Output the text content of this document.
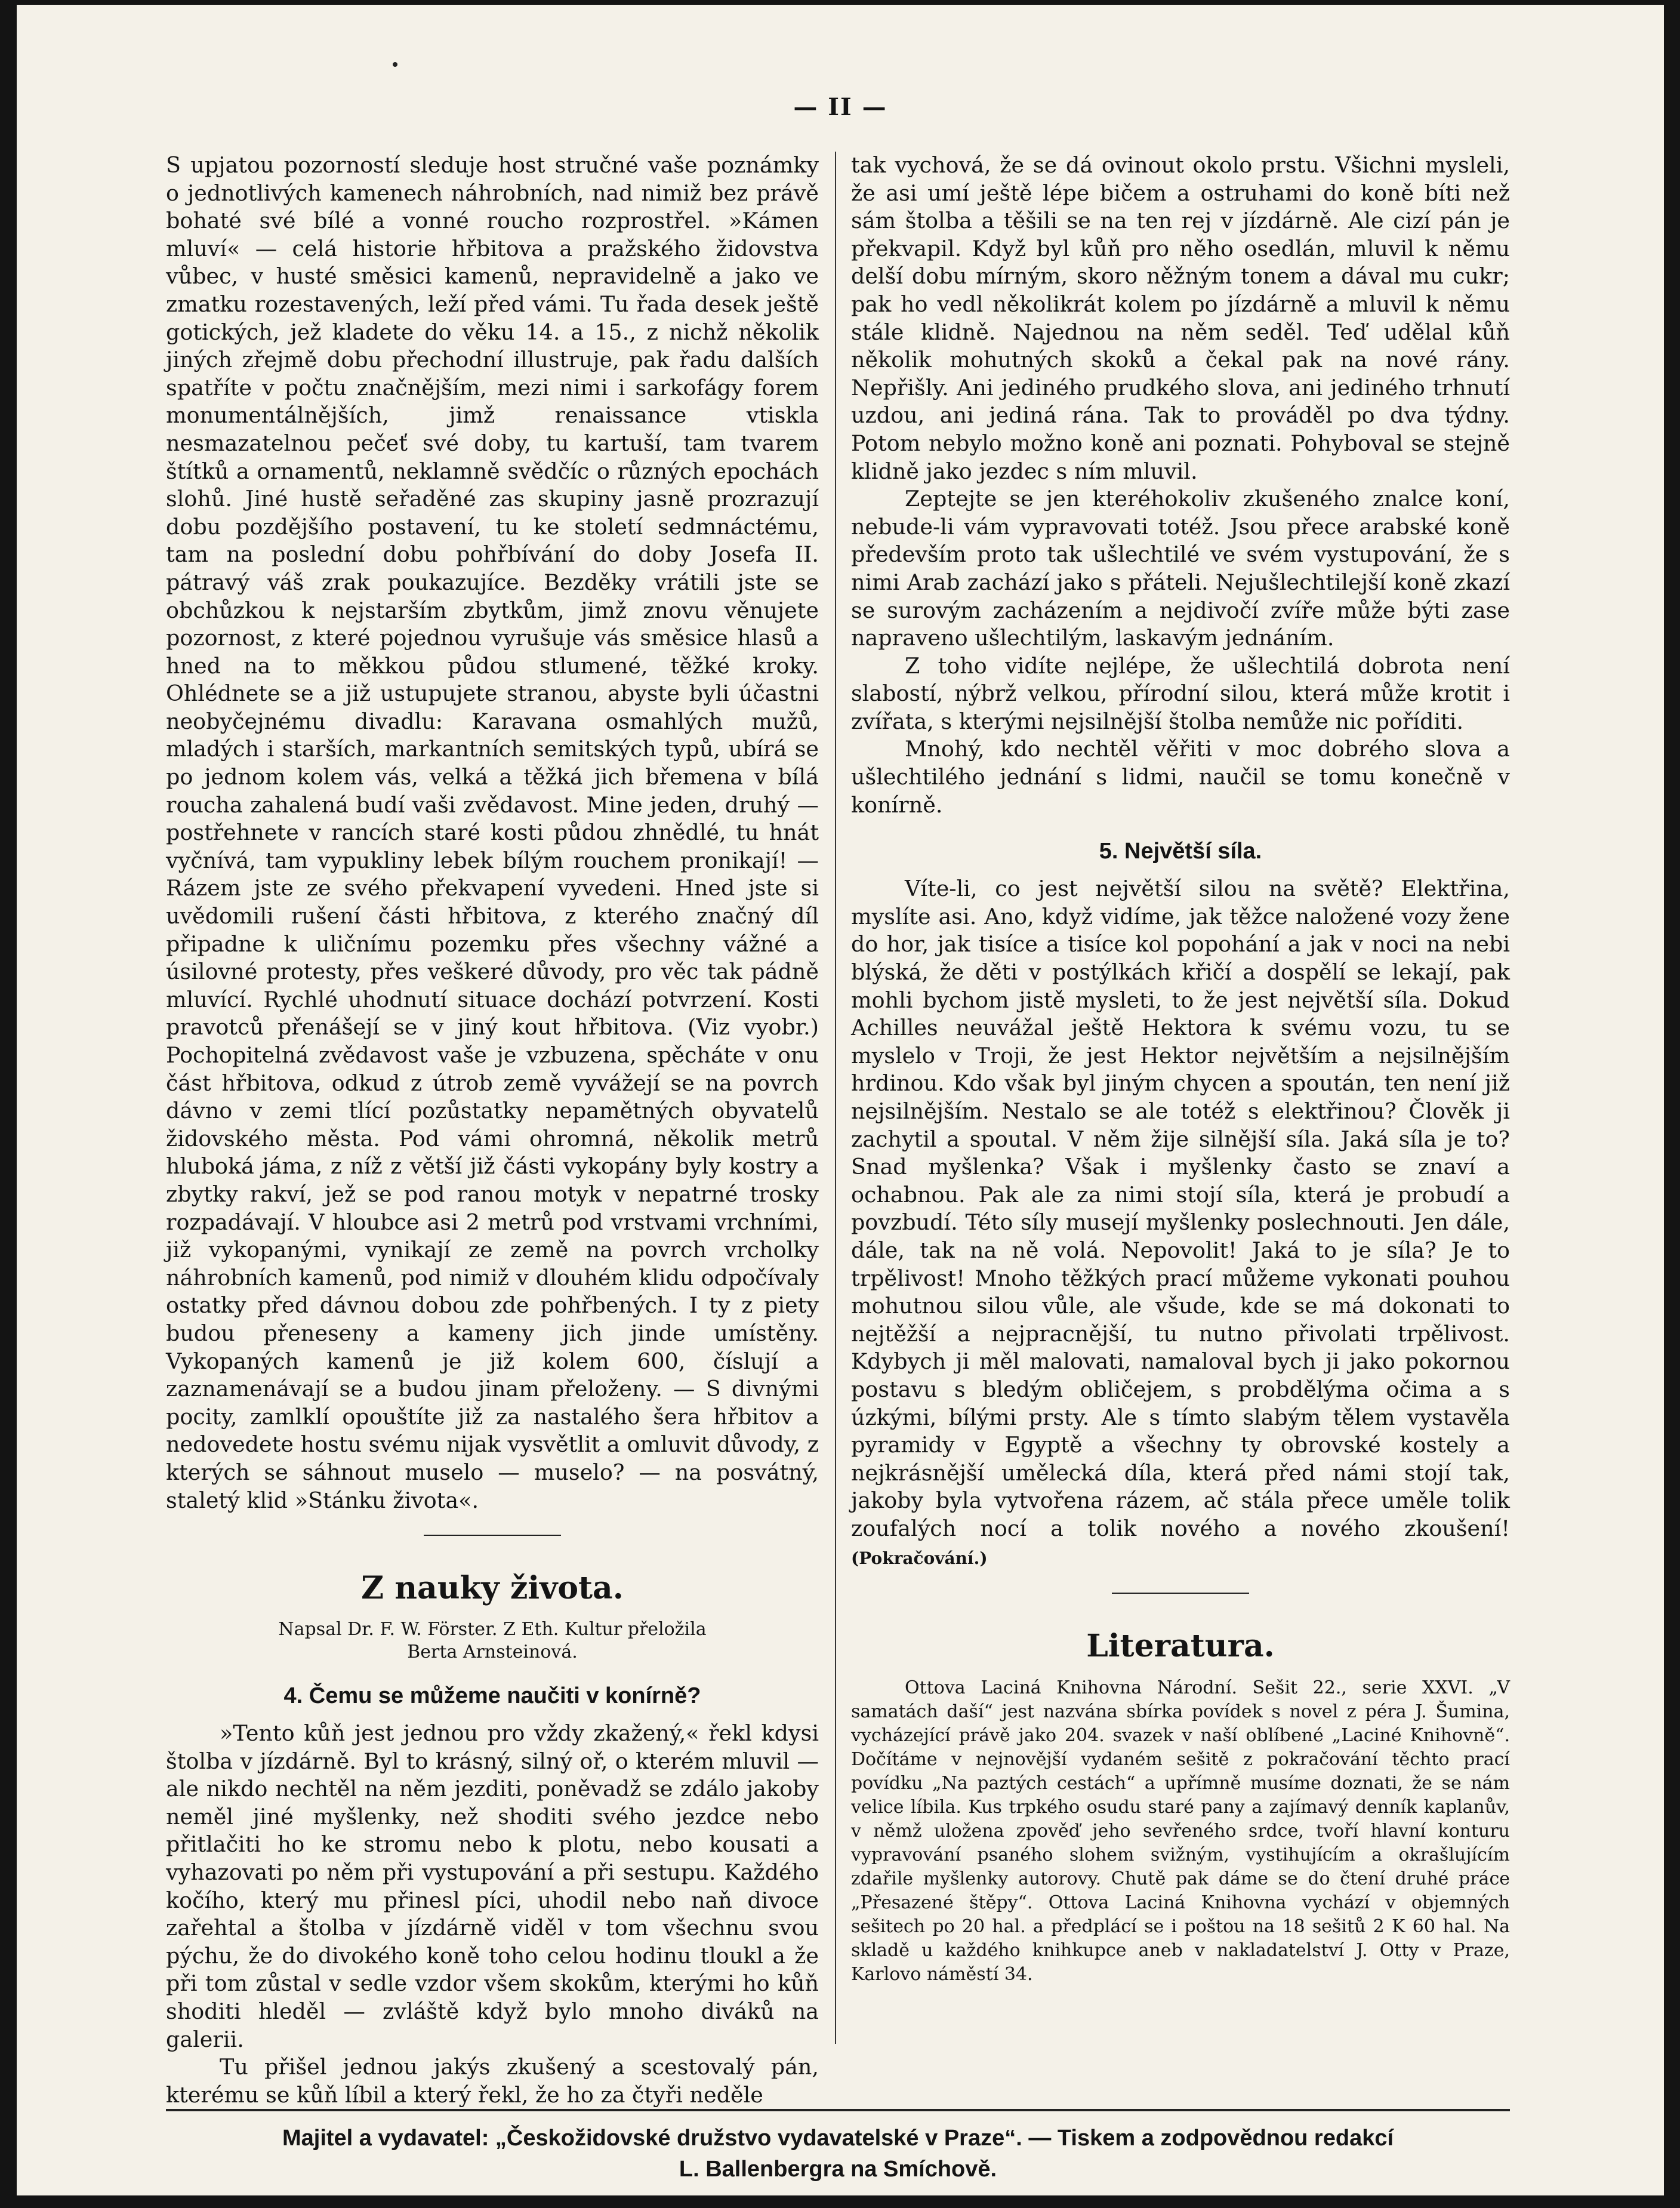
— II —

S upjatou pozorností sleduje host stručné vaše poznámky o jednotlivých kamenech náhrobních, nad nimiž bez právě bohaté své bílé a vonné roucho rozprostřel. »Kámen mluví« — celá historie hřbitova a pražského židovstva vůbec, v husté směsici kamenů, nepravidelně a jako ve zmatku rozestavených, leží před vámi. Tu řada desek ještě gotických, jež kladete do věku 14. a 15., z nichž několik jiných zřejmě dobu přechodní illustruje, pak řadu dalších spatříte v počtu značnějším, mezi nimi i sarkofágy forem monumentálnějších, jimž renaissance vtiskla nesmazatelnou pečeť své doby, tu kartuší, tam tvarem štítků a ornamentů, neklamně svědčíc o různých epochách slohů. Jiné hustě seřaděné zas skupiny jasně prozrazují dobu pozdějšího postavení, tu ke století sedmnáctému, tam na poslední dobu pohřbívání do doby Josefa II. pátravý váš zrak poukazujíce. Bezděky vrátili jste se obchůzkou k nejstarším zbytkům, jimž znovu věnujete pozornost, z které pojednou vyrušuje vás směsice hlasů a hned na to měkkou půdou stlumené, těžké kroky. Ohlédnete se a již ustupujete stranou, abyste byli účastni neobyčejnému divadlu: Karavana osmahlých mužů, mladých i starších, markantních semitských typů, ubírá se po jednom kolem vás, velká a těžká jich břemena v bílá roucha zahalená budí vaši zvědavost. Mine jeden, druhý — postřehnete v rancích staré kosti půdou zhnědlé, tu hnát vyčnívá, tam vypukliny lebek bílým rouchem pronikají! — Rázem jste ze svého překvapení vyvedeni. Hned jste si uvědomili rušení části hřbitova, z kterého značný díl připadne k uličnímu pozemku přes všechny vážné a úsilovné protesty, přes veškeré důvody, pro věc tak pádně mluvící. Rychlé uhodnutí situace dochází potvrzení. Kosti pravotců přenášejí se v jiný kout hřbitova. (Viz vyobr.) Pochopitelná zvědavost vaše je vzbuzena, spěcháte v onu část hřbitova, odkud z útrob země vyvážejí se na povrch dávno v zemi tlící pozůstatky nepamětných obyvatelů židovského města. Pod vámi ohromná, několik metrů hluboká jáma, z níž z větší již části vykopány byly kostry a zbytky rakví, jež se pod ranou motyk v nepatrné trosky rozpadávají. V hloubce asi 2 metrů pod vrstvami vrchními, již vykopanými, vynikají ze země na povrch vrcholky náhrobních kamenů, pod nimiž v dlouhém klidu odpočívaly ostatky před dávnou dobou zde pohřbených. I ty z piety budou přeneseny a kameny jich jinde umístěny. Vykopaných kamenů je již kolem 600, číslují a zaznamenávají se a budou jinam přeloženy. — S divnými pocity, zamlklí opouštíte již za nastalého šera hřbitov a nedovedete hostu svému nijak vysvětlit a omluvit důvody, z kterých se sáhnout muselo — muselo? — na posvátný, staletý klid »Stánku života«.

Z nauky života.
Napsal Dr. F. W. Förster. Z Eth. Kultur přeložila
Berta Arnsteinová.
4. Čemu se můžeme naučiti v konírně?

»Tento kůň jest jednou pro vždy zkažený,« řekl kdysi štolba v jízdárně. Byl to krásný, silný oř, o kterém mluvil — ale nikdo nechtěl na něm jezditi, poněvadž se zdálo jakoby neměl jiné myšlenky, než shoditi svého jezdce nebo přitlačiti ho ke stromu nebo k plotu, nebo kousati a vyhazovati po něm při vystupování a při sestupu. Každého kočího, který mu přinesl píci, uhodil nebo naň divoce zařehtal a štolba v jízdárně viděl v tom všechnu svou pýchu, že do divokého koně toho celou hodinu tloukl a že při tom zůstal v sedle vzdor všem skokům, kterými ho kůň shoditi hleděl — zvláště když bylo mnoho diváků na galerii.

Tu přišel jednou jakýs zkušený a scestovalý pán, kterému se kůň líbil a který řekl, že ho za čtyři neděle

tak vychová, že se dá ovinout okolo prstu. Všichni mysleli, že asi umí ještě lépe bičem a ostruhami do koně bíti než sám štolba a těšili se na ten rej v jízdárně. Ale cizí pán je překvapil. Když byl kůň pro něho osedlán, mluvil k němu delší dobu mírným, skoro něžným tonem a dával mu cukr; pak ho vedl několikrát kolem po jízdárně a mluvil k němu stále klidně. Najednou na něm seděl. Teď udělal kůň několik mohutných skoků a čekal pak na nové rány. Nepřišly. Ani jediného prudkého slova, ani jediného trhnutí uzdou, ani jediná rána. Tak to prováděl po dva týdny. Potom nebylo možno koně ani poznati. Pohyboval se stejně klidně jako jezdec s ním mluvil.

Zeptejte se jen kteréhokoliv zkušeného znalce koní, nebude-li vám vypravovati totéž. Jsou přece arabské koně především proto tak ušlechtilé ve svém vystupování, že s nimi Arab zachází jako s přáteli. Nejušlechtilejší koně zkazí se surovým zacházením a nejdivočí zvíře může býti zase napraveno ušlechtilým, laskavým jednáním.

Z toho vidíte nejlépe, že ušlechtilá dobrota není slabostí, nýbrž velkou, přírodní silou, která může krotit i zvířata, s kterými nejsilnější štolba nemůže nic poříditi.

Mnohý, kdo nechtěl věřiti v moc dobrého slova a ušlechtilého jednání s lidmi, naučil se tomu konečně v konírně.

5. Největší síla.

Víte-li, co jest největší silou na světě? Elektřina, myslíte asi. Ano, když vidíme, jak těžce naložené vozy žene do hor, jak tisíce a tisíce kol popohání a jak v noci na nebi blýská, že děti v postýlkách křičí a dospělí se lekají, pak mohli bychom jistě mysleti, to že jest největší síla. Dokud Achilles neuvážal ještě Hektora k svému vozu, tu se myslelo v Troji, že jest Hektor největším a nejsilnějším hrdinou. Kdo však byl jiným chycen a spoután, ten není již nejsilnějším. Nestalo se ale totéž s elektřinou? Člověk ji zachytil a spoutal. V něm žije silnější síla. Jaká síla je to? Snad myšlenka? Však i myšlenky často se znaví a ochabnou. Pak ale za nimi stojí síla, která je probudí a povzbudí. Této síly musejí myšlenky poslechnouti. Jen dále, dále, tak na ně volá. Nepovolit! Jaká to je síla? Je to trpělivost! Mnoho těžkých prací můžeme vykonati pouhou mohutnou silou vůle, ale všude, kde se má dokonati to nejtěžší a nejpracnější, tu nutno přivolati trpělivost. Kdybych ji měl malovati, namaloval bych ji jako pokornou postavu s bledým obličejem, s probdělýma očima a s úzkými, bílými prsty. Ale s tímto slabým tělem vystavěla pyramidy v Egyptě a všechny ty obrovské kostely a nejkrásnější umělecká díla, která před námi stojí tak, jakoby byla vytvořena rázem, ač stála přece uměle tolik zoufalých nocí a tolik nového a nového zkoušení! (Pokračování.)

Literatura.

Ottova Laciná Knihovna Národní. Sešit 22., serie XXVI. „V samatách daší“ jest nazvána sbírka povídek s novel z péra J. Šumina, vycházející právě jako 204. svazek v naší oblíbené „Laciné Knihovně“. Dočítáme v nejnovější vydaném sešitě z pokračování těchto prací povídku „Na paztých cestách“ a upřímně musíme doznati, že se nám velice líbila. Kus trpkého osudu staré pany a zajímavý denník kaplanův, v němž uložena zpověď jeho sevřeného srdce, tvoří hlavní konturu vypravování psaného slohem svižným, vystihujícím a okrašlujícím zdařile myšlenky autorovy. Chutě pak dáme se do čtení druhé práce „Přesazené štěpy“. Ottova Laciná Knihovna vychází v objemných sešitech po 20 hal. a předplácí se i poštou na 18 sešitů 2 K 60 hal. Na skladě u každého knihkupce aneb v nakladatelství J. Otty v Praze, Karlovo náměstí 34.

Majitel a vydavatel: „Českožidovské družstvo vydavatelské v Praze“. — Tiskem a zodpovědnou redakcí
L. Ballenbergra na Smíchově.
